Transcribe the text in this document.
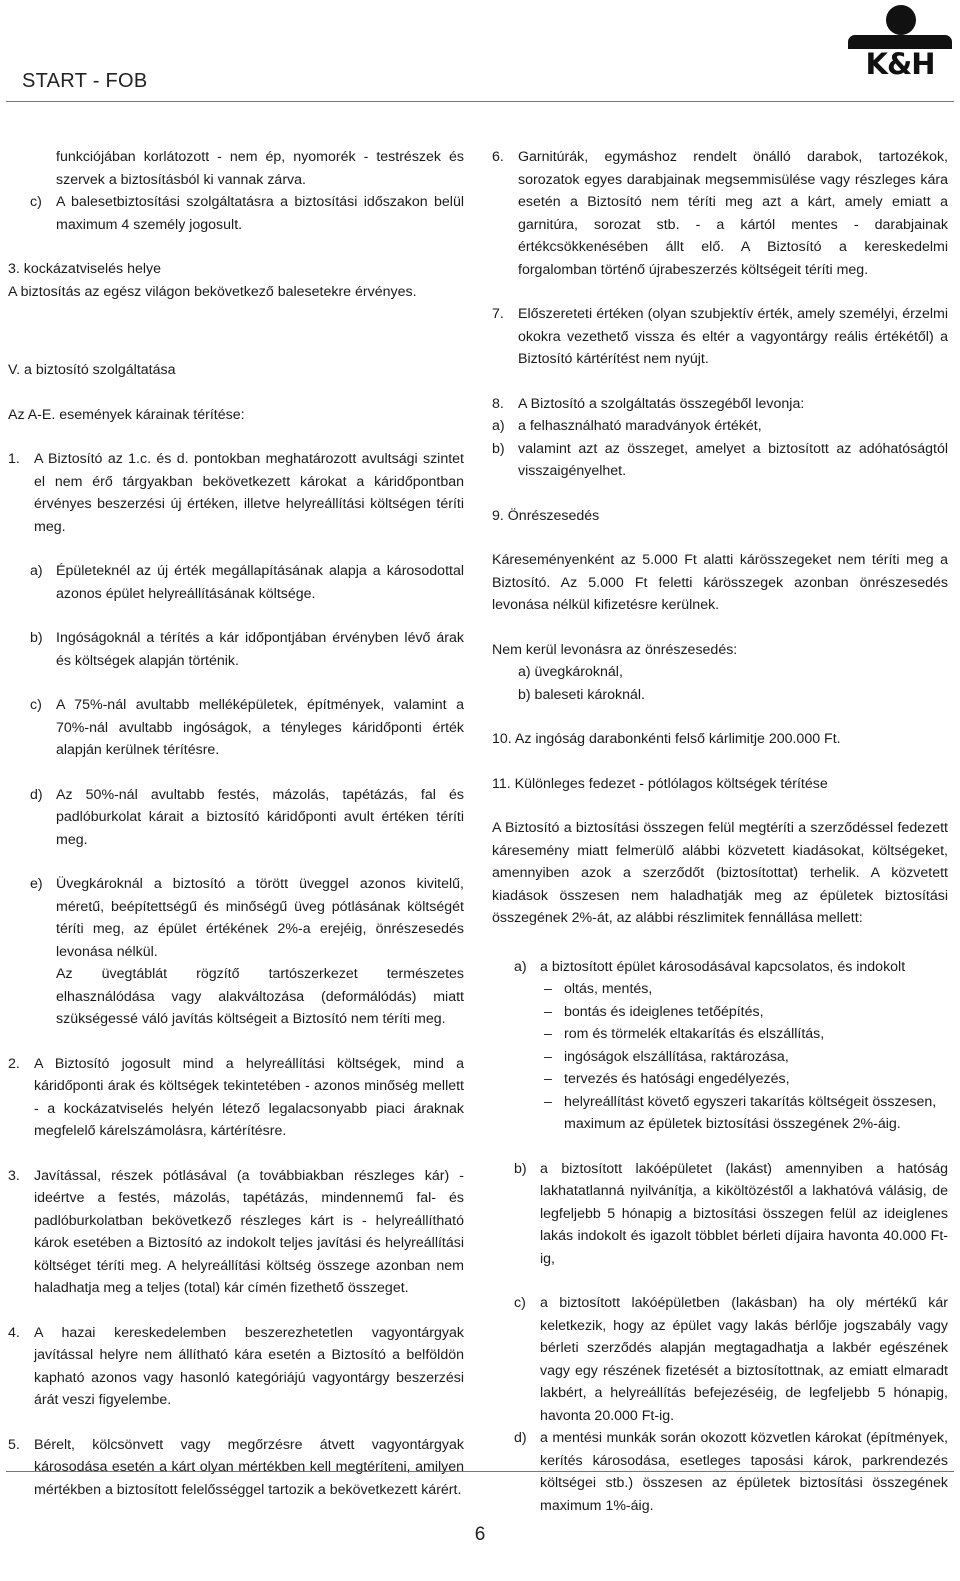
START - FOB	K&H

funkciójában korlátozott - nem ép, nyomorék - testrészek és szervek a biztosításból ki vannak zárva.

c) A balesetbiztosítási szolgáltatásra a biztosítási időszakon belül maximum 4 személy jogosult.

3. kockázatviselés helye

A biztosítás az egész világon bekövetkező balesetekre érvényes.

V. a biztosító szolgáltatása

Az A-E. események kárainak térítése:

1. A Biztosító az 1.c. és d. pontokban meghatározott avultsági szintet el nem érő tárgyakban bekövetkezett károkat a káridőpontban érvényes beszerzési új értéken, illetve helyreállítási költségen téríti meg.
a) Épületeknél az új érték megállapításának alapja a károsodottal azonos épület helyreállításának költsége.
b) Ingóságoknál a térítés a kár időpontjában érvényben lévő árak és költségek alapján történik.
c) A 75%-nál avultabb melléképületek, építmények, valamint a 70%-nál avultabb ingóságok, a tényleges káridőponti érték alapján kerülnek térítésre.
d) Az 50%-nál avultabb festés, mázolás, tapétázás, fal és padlóburkolat kárait a biztosító káridőponti avult értéken téríti meg.
e) Üvegkároknál a biztosító a törött üveggel azonos kivitelű, méretű, beépítettségű és minőségű üveg pótlásának költségét téríti meg, az épület értékének 2%-a erejéig, önrészesedés levonása nélkül.

Az üvegtáblát rögzítő tartószerkezet természetes elhasználódása vagy alakváltozása (deformálódás) miatt szükségessé váló javítás költségeit a Biztosító nem téríti meg.

2. A Biztosító jogosult mind a helyreállítási költségek, mind a káridőponti árak és költségek tekintetében - azonos minőség mellett - a kockázatviselés helyén létező legalacsonyabb piaci áraknak megfelelő kárelszámolásra, kártérítésre.
3. Javítással, részek pótlásával (a továbbiakban részleges kár) - ideértve a festés, mázolás, tapétázás, mindennemű fal- és padlóburkolatban bekövetkező részleges kárt is - helyreállítható károk esetében a Biztosító az indokolt teljes javítási és helyreállítási költséget téríti meg. A helyreállítási költség összege azonban nem haladhatja meg a teljes (total) kár címén fizethető összeget.
4. A hazai kereskedelemben beszerezhetetlen vagyontárgyak javítással helyre nem állítható kára esetén a Biztosító a belföldön kapható azonos vagy hasonló kategóriájú vagyontárgy beszerzési árát veszi figyelembe.
5. Bérelt, kölcsönvett vagy megőrzésre átvett vagyontárgyak károsodása esetén a kárt olyan mértékben kell megtéríteni, amilyen mértékben a biztosított felelősséggel tartozik a bekövetkezett kárért.
6. Garnitúrák, egymáshoz rendelt önálló darabok, tartozékok, sorozatok egyes darabjainak megsemmisülése vagy részleges kára esetén a Biztosító nem téríti meg azt a kárt, amely emiatt a garnitúra, sorozat stb. - a kártól mentes - darabjainak értékcsökkenésében állt elő. A Biztosító a kereskedelmi forgalomban történő újrabeszerzés költségeit téríti meg.
7. Előszereteti értéken (olyan szubjektív érték, amely személyi, érzelmi okokra vezethető vissza és eltér a vagyontárgy reális értékétől) a Biztosító kártérítést nem nyújt.
8. A Biztosító a szolgáltatás összegéből levonja:
a) a felhasználható maradványok értékét,
b) valamint azt az összeget, amelyet a biztosított az adóhatóságtól visszaigényelhet.

9. Önrészesedés

Káreseményenként az 5.000 Ft alatti kárösszegeket nem téríti meg a Biztosító. Az 5.000 Ft feletti kárösszegek azonban önrészesedés levonása nélkül kifizetésre kerülnek.

Nem kerül levonásra az önrészesedés:

a) üvegkároknál,

b) baleseti károknál.

10. Az ingóság darabonkénti felső kárlimitje 200.000 Ft.

11. Különleges fedezet - pótlólagos költségek térítése

A Biztosító a biztosítási összegen felül megtéríti a szerződéssel fedezett káresemény miatt felmerülő alábbi közvetett kiadásokat, költségeket, amennyiben azok a szerződőt (biztosítottat) terhelik. A közvetett kiadások összesen nem haladhatják meg az épületek biztosítási összegének 2%-át, az alábbi részlimitek fennállása mellett:

a) a biztosított épület károsodásával kapcsolatos, és indokolt
– oltás, mentés,
– bontás és ideiglenes tetőépítés,
– rom és törmelék eltakarítás és elszállítás,
– ingóságok elszállítása, raktározása,
– tervezés és hatósági engedélyezés,
– helyreállítást követő egyszeri takarítás költségeit összesen, maximum az épületek biztosítási összegének 2%-áig.
b) a biztosított lakóépületet (lakást) amennyiben a hatóság lakhatatlanná nyilvánítja, a kiköltözéstől a lakhatóvá válásig, de legfeljebb 5 hónapig a biztosítási összegen felül az ideiglenes lakás indokolt és igazolt többlet bérleti díjaira havonta 40.000 Ft-ig,
c) a biztosított lakóépületben (lakásban) ha oly mértékű kár keletkezik, hogy az épület vagy lakás bérlője jogszabály vagy bérleti szerződés alapján megtagadhatja a lakbér egészének vagy egy részének fizetését a biztosítottnak, az emiatt elmaradt lakbért, a helyreállítás befejezéséig, de legfeljebb 5 hónapig, havonta 20.000 Ft-ig.
d) a mentési munkák során okozott közvetlen károkat (építmények, kerítés károsodása, esetleges taposási károk, parkrendezés költségei stb.) összesen az épületek biztosítási összegének maximum 1%-áig.
6
